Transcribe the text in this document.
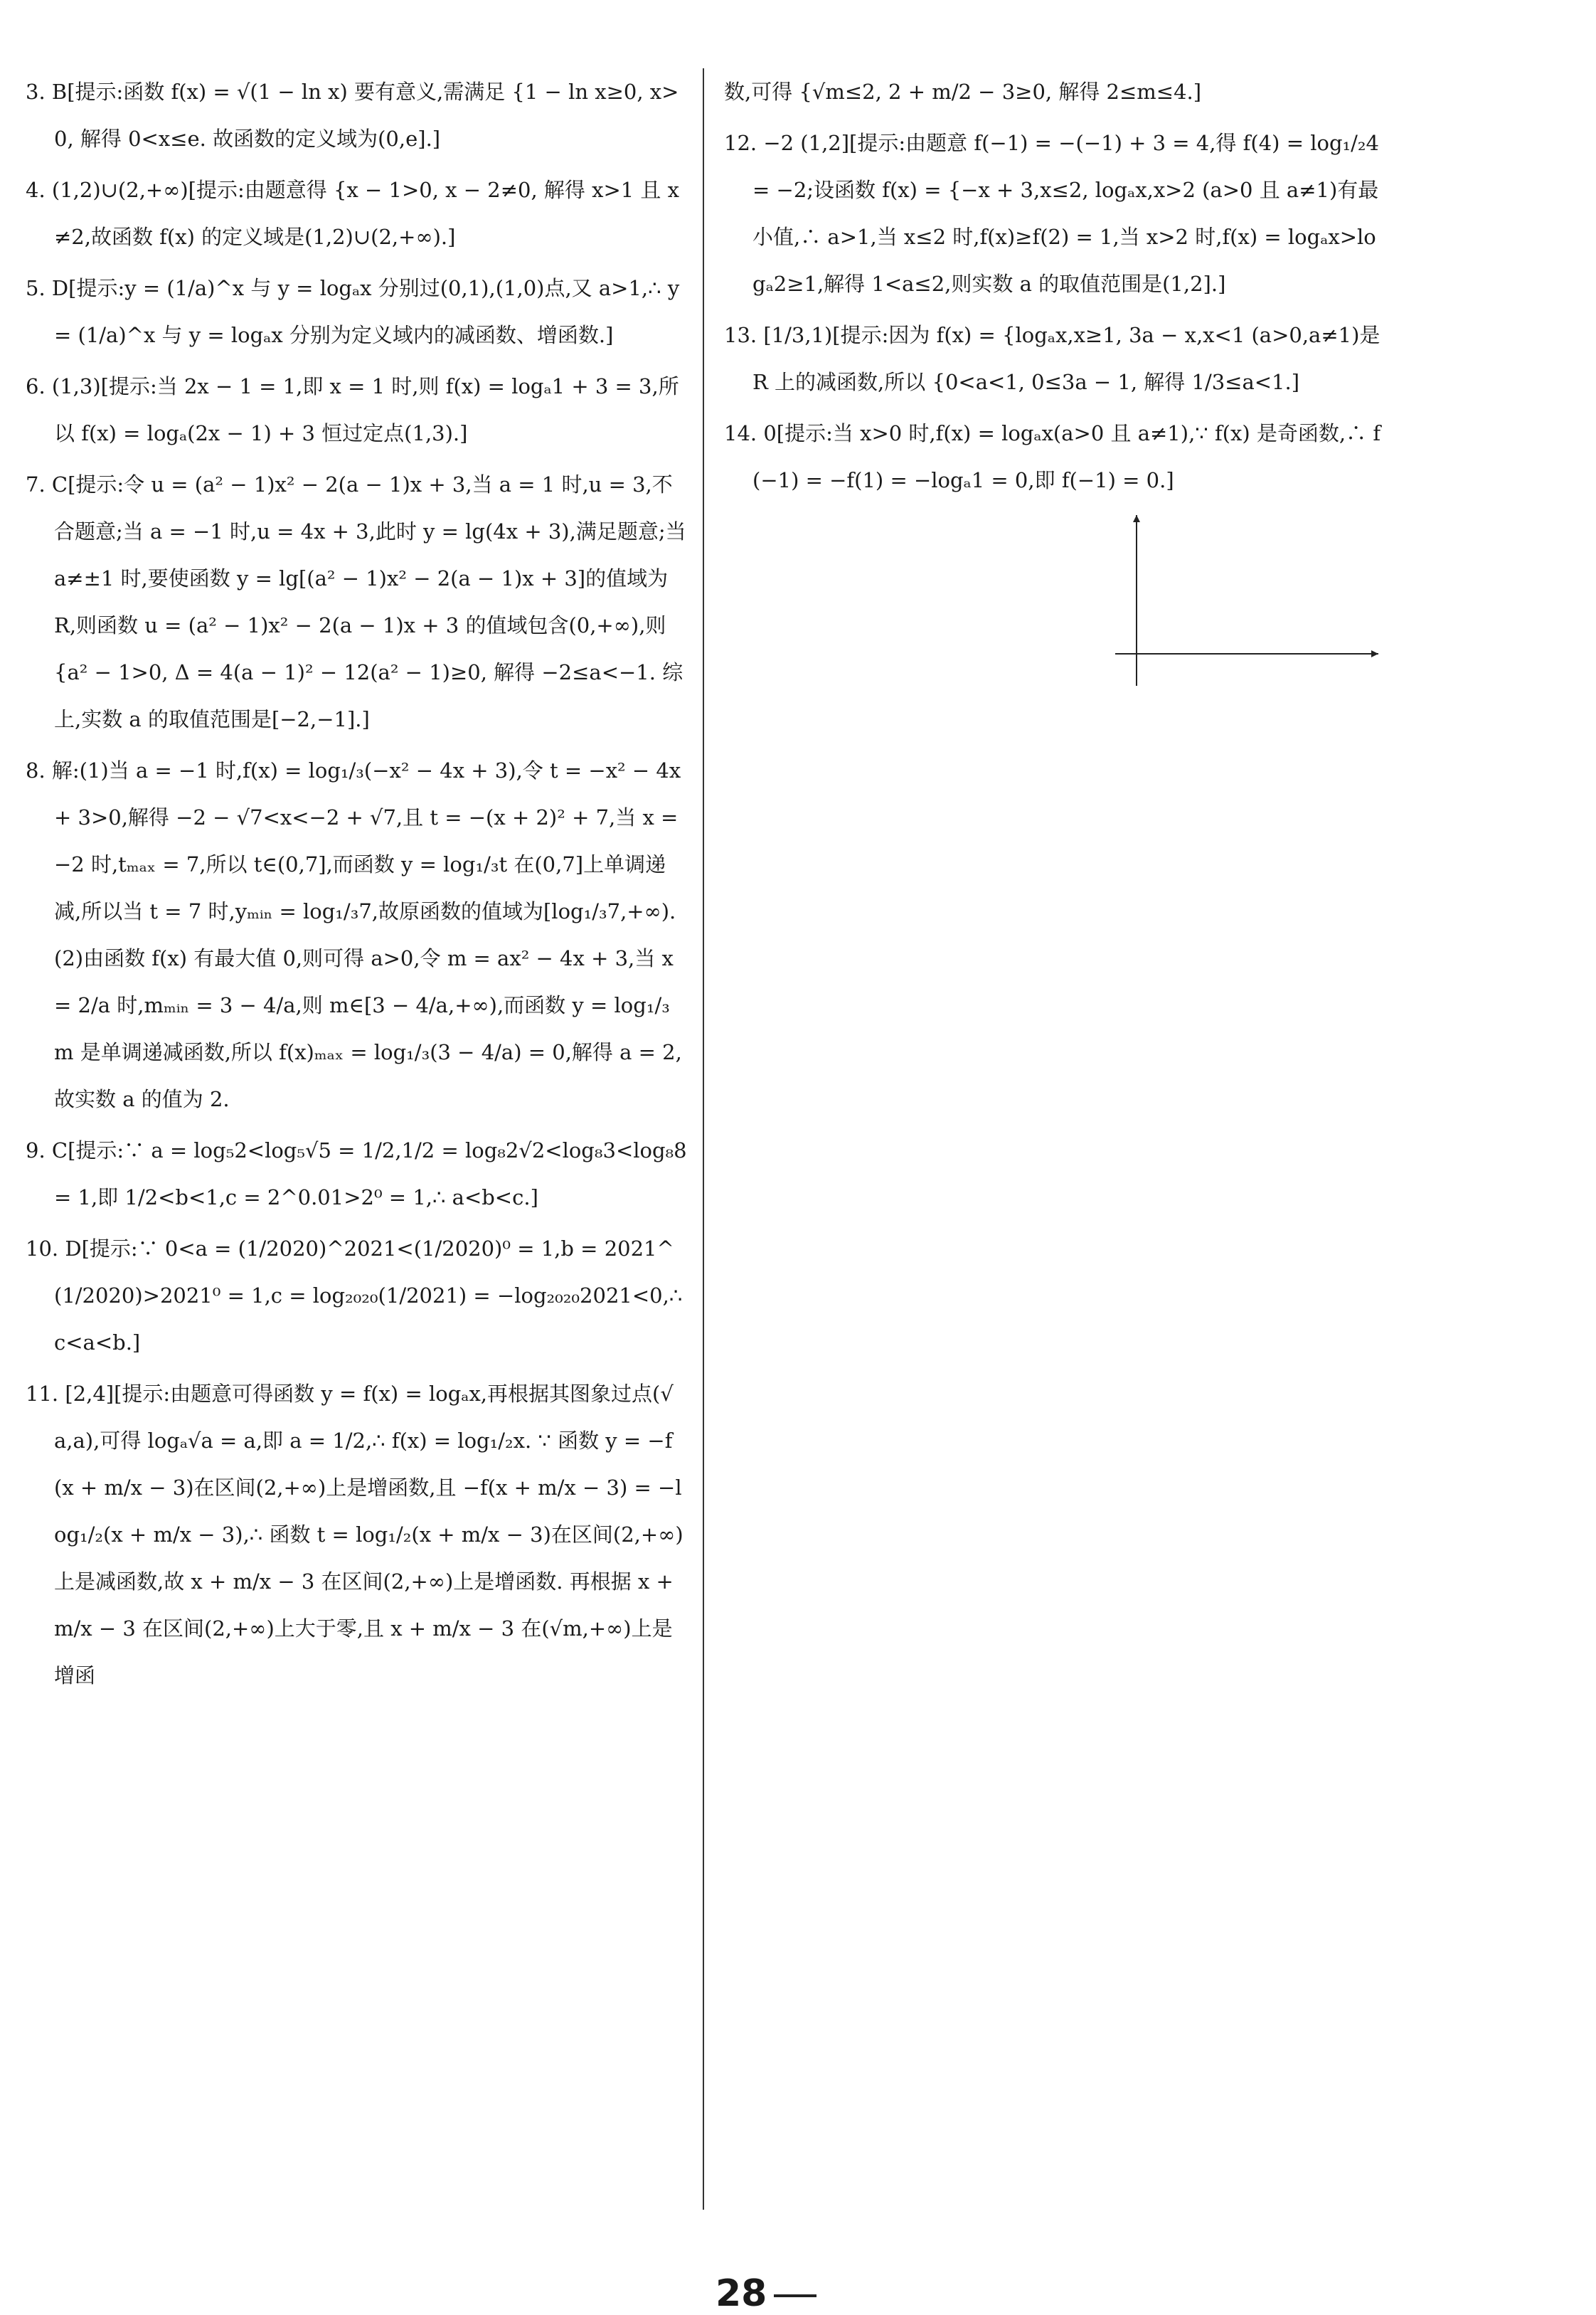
3. B[提示:函数 f(x) = √(1 − ln x) 要有意义,需满足 {1 − ln x≥0, x>0, 解得 0<x≤e. 故函数的定义域为(0,e].]

4. (1,2)∪(2,+∞)[提示:由题意得 {x − 1>0, x − 2≠0, 解得 x>1 且 x≠2,故函数 f(x) 的定义域是(1,2)∪(2,+∞).]

5. D[提示:y = (1/a)^x 与 y = logₐx 分别过(0,1),(1,0)点,又 a>1,∴ y = (1/a)^x 与 y = logₐx 分别为定义域内的减函数、增函数.]

6. (1,3)[提示:当 2x − 1 = 1,即 x = 1 时,则 f(x) = logₐ1 + 3 = 3,所以 f(x) = logₐ(2x − 1) + 3 恒过定点(1,3).]

7. C[提示:令 u = (a² − 1)x² − 2(a − 1)x + 3,当 a = 1 时,u = 3,不合题意;当 a = −1 时,u = 4x + 3,此时 y = lg(4x + 3),满足题意;当 a≠±1 时,要使函数 y = lg[(a² − 1)x² − 2(a − 1)x + 3]的值域为 R,则函数 u = (a² − 1)x² − 2(a − 1)x + 3 的值域包含(0,+∞),则 {a² − 1>0, Δ = 4(a − 1)² − 12(a² − 1)≥0, 解得 −2≤a<−1. 综上,实数 a 的取值范围是[−2,−1].]

8. 解:(1)当 a = −1 时,f(x) = log₁/₃(−x² − 4x + 3),令 t = −x² − 4x + 3>0,解得 −2 − √7<x<−2 + √7,且 t = −(x + 2)² + 7,当 x = −2 时,tₘₐₓ = 7,所以 t∈(0,7],而函数 y = log₁/₃t 在(0,7]上单调递减,所以当 t = 7 时,yₘᵢₙ = log₁/₃7,故原函数的值域为[log₁/₃7,+∞). (2)由函数 f(x) 有最大值 0,则可得 a>0,令 m = ax² − 4x + 3,当 x = 2/a 时,mₘᵢₙ = 3 − 4/a,则 m∈[3 − 4/a,+∞),而函数 y = log₁/₃m 是单调递减函数,所以 f(x)ₘₐₓ = log₁/₃(3 − 4/a) = 0,解得 a = 2,故实数 a 的值为 2.

9. C[提示:∵ a = log₅2<log₅√5 = 1/2,1/2 = log₈2√2<log₈3<log₈8 = 1,即 1/2<b<1,c = 2^0.01>2⁰ = 1,∴ a<b<c.]

10. D[提示:∵ 0<a = (1/2020)^2021<(1/2020)⁰ = 1,b = 2021^(1/2020)>2021⁰ = 1,c = log₂₀₂₀(1/2021) = −log₂₀₂₀2021<0,∴ c<a<b.]

11. [2,4][提示:由题意可得函数 y = f(x) = logₐx,再根据其图象过点(√a,a),可得 logₐ√a = a,即 a = 1/2,∴ f(x) = log₁/₂x. ∵ 函数 y = −f(x + m/x − 3)在区间(2,+∞)上是增函数,且 −f(x + m/x − 3) = −log₁/₂(x + m/x − 3),∴ 函数 t = log₁/₂(x + m/x − 3)在区间(2,+∞)上是减函数,故 x + m/x − 3 在区间(2,+∞)上是增函数. 再根据 x + m/x − 3 在区间(2,+∞)上大于零,且 x + m/x − 3 在(√m,+∞)上是增函

数,可得 {√m≤2, 2 + m/2 − 3≥0, 解得 2≤m≤4.]

12. −2 (1,2][提示:由题意 f(−1) = −(−1) + 3 = 4,得 f(4) = log₁/₂4 = −2;设函数 f(x) = {−x + 3,x≤2, logₐx,x>2 (a>0 且 a≠1)有最小值,∴ a>1,当 x≤2 时,f(x)≥f(2) = 1,当 x>2 时,f(x) = logₐx>logₐ2≥1,解得 1<a≤2,则实数 a 的取值范围是(1,2].]

13. [1/3,1)[提示:因为 f(x) = {logₐx,x≥1, 3a − x,x<1 (a>0,a≠1)是 R 上的减函数,所以 {0<a<1, 0≤3a − 1, 解得 1/3≤a<1.]

14. 0[提示:当 x>0 时,f(x) = logₐx(a>0 且 a≠1),∵ f(x) 是奇函数,∴ f(−1) = −f(1) = −logₐ1 = 0,即 f(−1) = 0.]

28
